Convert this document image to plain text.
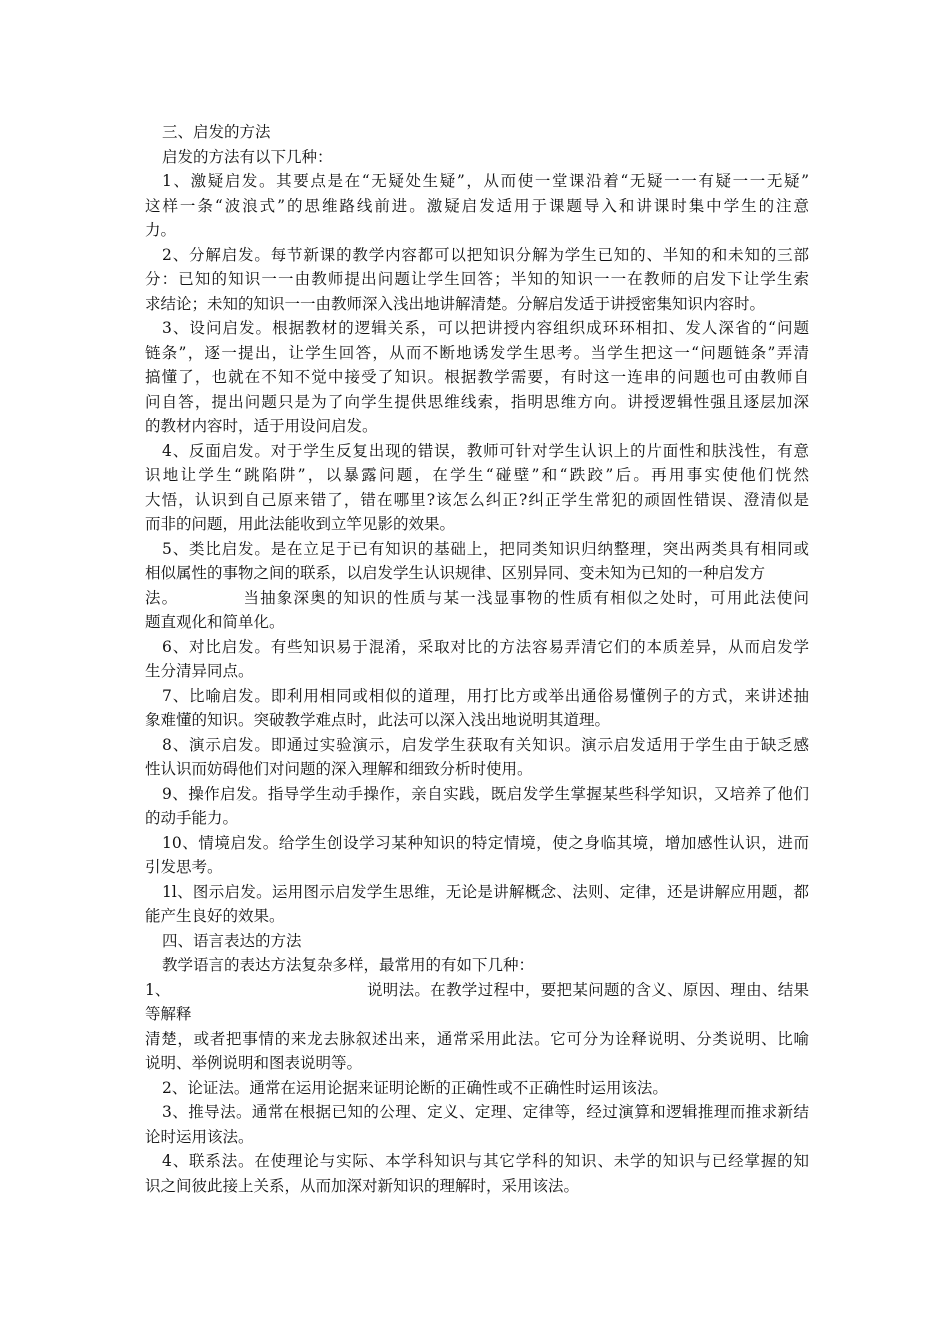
三、启发的方法
启发的方法有以下几种：
1、激疑启发。其要点是在“无疑处生疑”，从而使一堂课沿着“无疑一一有疑一一无疑”
这样一条“波浪式”的思维路线前进。激疑启发适用于课题导入和讲课时集中学生的注意
力。
2、分解启发。每节新课的教学内容都可以把知识分解为学生已知的、半知的和未知的三部
分：已知的知识一一由教师提出问题让学生回答；半知的知识一一在教师的启发下让学生索
求结论；未知的知识一一由教师深入浅出地讲解清楚。分解启发适于讲授密集知识内容时。
3、设问启发。根据教材的逻辑关系，可以把讲授内容组织成环环相扣、发人深省的“问题
链条”，逐一提出，让学生回答，从而不断地诱发学生思考。当学生把这一“问题链条”弄清
搞懂了，也就在不知不觉中接受了知识。根据教学需要，有时这一连串的问题也可由教师自
问自答，提出问题只是为了向学生提供思维线索，指明思维方向。讲授逻辑性强且逐层加深
的教材内容时，适于用设问启发。
4、反面启发。对于学生反复出现的错误，教师可针对学生认识上的片面性和肤浅性，有意
识地让学生“跳陷阱”，以暴露问题，在学生“碰壁”和“跌跤”后。再用事实使他们恍然
大悟，认识到自己原来错了，错在哪里?该怎么纠正?纠正学生常犯的顽固性错误、澄清似是
而非的问题，用此法能收到立竿见影的效果。
5、类比启发。是在立足于已有知识的基础上，把同类知识归纳整理，突出两类具有相同或
相似属性的事物之间的联系，以启发学生认识规律、区别异同、变未知为已知的一种启发方
法。	当抽象深奥的知识的性质与某一浅显事物的性质有相似之处时，可用此法使问
题直观化和简单化。
6、对比启发。有些知识易于混淆，采取对比的方法容易弄清它们的本质差异，从而启发学
生分清异同点。
7、比喻启发。即利用相同或相似的道理，用打比方或举出通俗易懂例子的方式，来讲述抽
象难懂的知识。突破教学难点时，此法可以深入浅出地说明其道理。
8、演示启发。即通过实验演示，启发学生获取有关知识。演示启发适用于学生由于缺乏感
性认识而妨碍他们对问题的深入理解和细致分析时使用。
9、操作启发。指导学生动手操作，亲自实践，既启发学生掌握某些科学知识，又培养了他们
的动手能力。
10、情境启发。给学生创设学习某种知识的特定情境，使之身临其境，增加感性认识，进而
引发思考。
1l、图示启发。运用图示启发学生思维，无论是讲解概念、法则、定律，还是讲解应用题，都
能产生良好的效果。
四、语言表达的方法
教学语言的表达方法复杂多样，最常用的有如下几种：
1、	说明法。在教学过程中，要把某问题的含义、原因、理由、结果
等解释
清楚，或者把事情的来龙去脉叙述出来，通常采用此法。它可分为诠释说明、分类说明、比喻
说明、举例说明和图表说明等。
2、论证法。通常在运用论据来证明论断的正确性或不正确性时运用该法。
3、推导法。通常在根据已知的公理、定义、定理、定律等，经过演算和逻辑推理而推求新结
论时运用该法。
4、联系法。在使理论与实际、本学科知识与其它学科的知识、未学的知识与已经掌握的知
识之间彼此接上关系，从而加深对新知识的理解时，采用该法。
